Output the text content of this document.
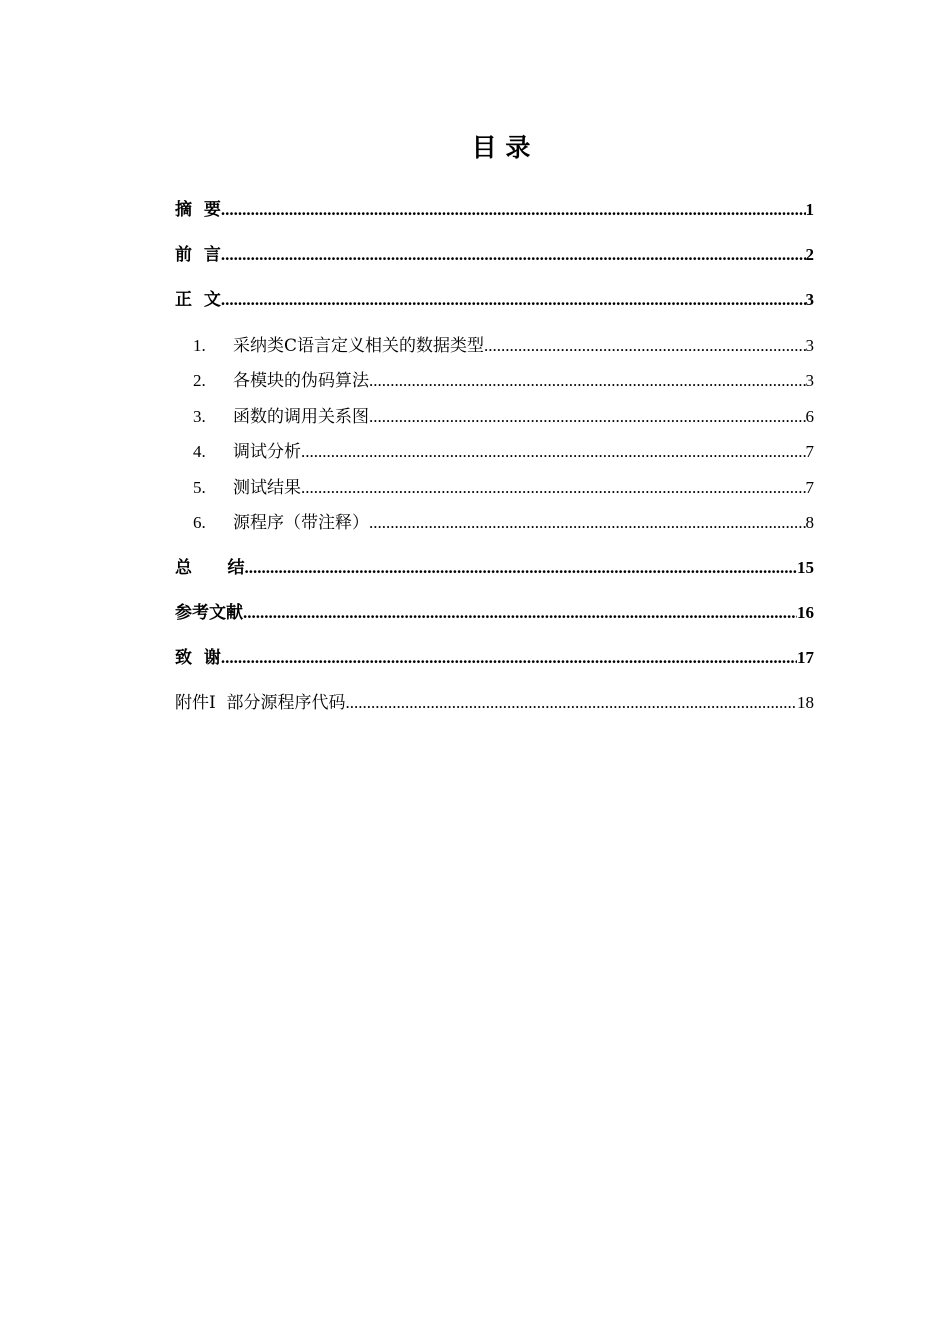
目 录
摘  要 .....	1
前  言 .....	2
正  文 .....	3
1.	采纳类C语言定义相关的数据类型 .....	3
2.	各模块的伪码算法 .....	3
3.	函数的调用关系图 .....	6
4.	调试分析 .....	7
5.	测试结果 .....	7
6.	源程序（带注释） .....	8
总      结 .....	15
参考文献 .....	16
致  谢 .....	17
附件Ⅰ  部分源程序代码 .....	18
